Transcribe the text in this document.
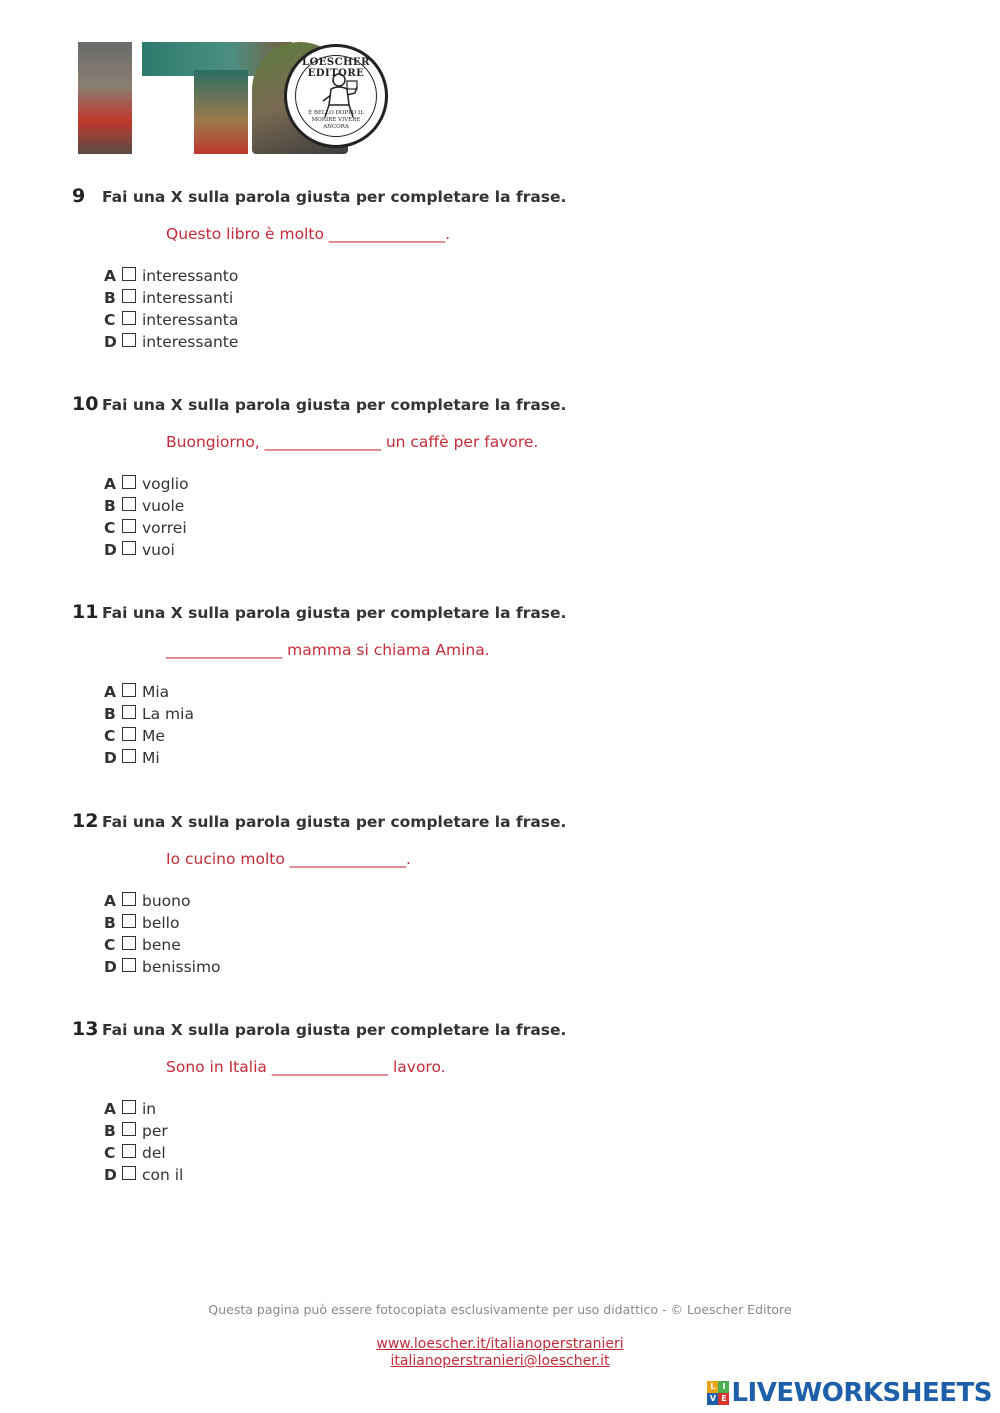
LOESCHER EDITORE
È BELLO DOPPO IL MORIRE VIVERE ANCORA
9 Fai una X sulla parola giusta per completare la frase.
Questo libro è molto _______________.
A	interessanto
B	interessanti
C	interessanta
D	interessante
10 Fai una X sulla parola giusta per completare la frase.
Buongiorno, _______________ un caffè per favore.
A	voglio
B	vuole
C	vorrei
D	vuoi
11 Fai una X sulla parola giusta per completare la frase.
_______________ mamma si chiama Amina.
A	Mia
B	La mia
C	Me
D	Mi
12 Fai una X sulla parola giusta per completare la frase.
Io cucino molto _______________.
A	buono
B	bello
C	bene
D	benissimo
13 Fai una X sulla parola giusta per completare la frase.
Sono in Italia _______________ lavoro.
A	in
B	per
C	del
D	con il
Questa pagina può essere fotocopiata esclusivamente per uso didattico - © Loescher Editore
www.loescher.it/italianoperstranieri
italianoperstranieri@loescher.it
L I
V E LIVEWORKSHEETS
